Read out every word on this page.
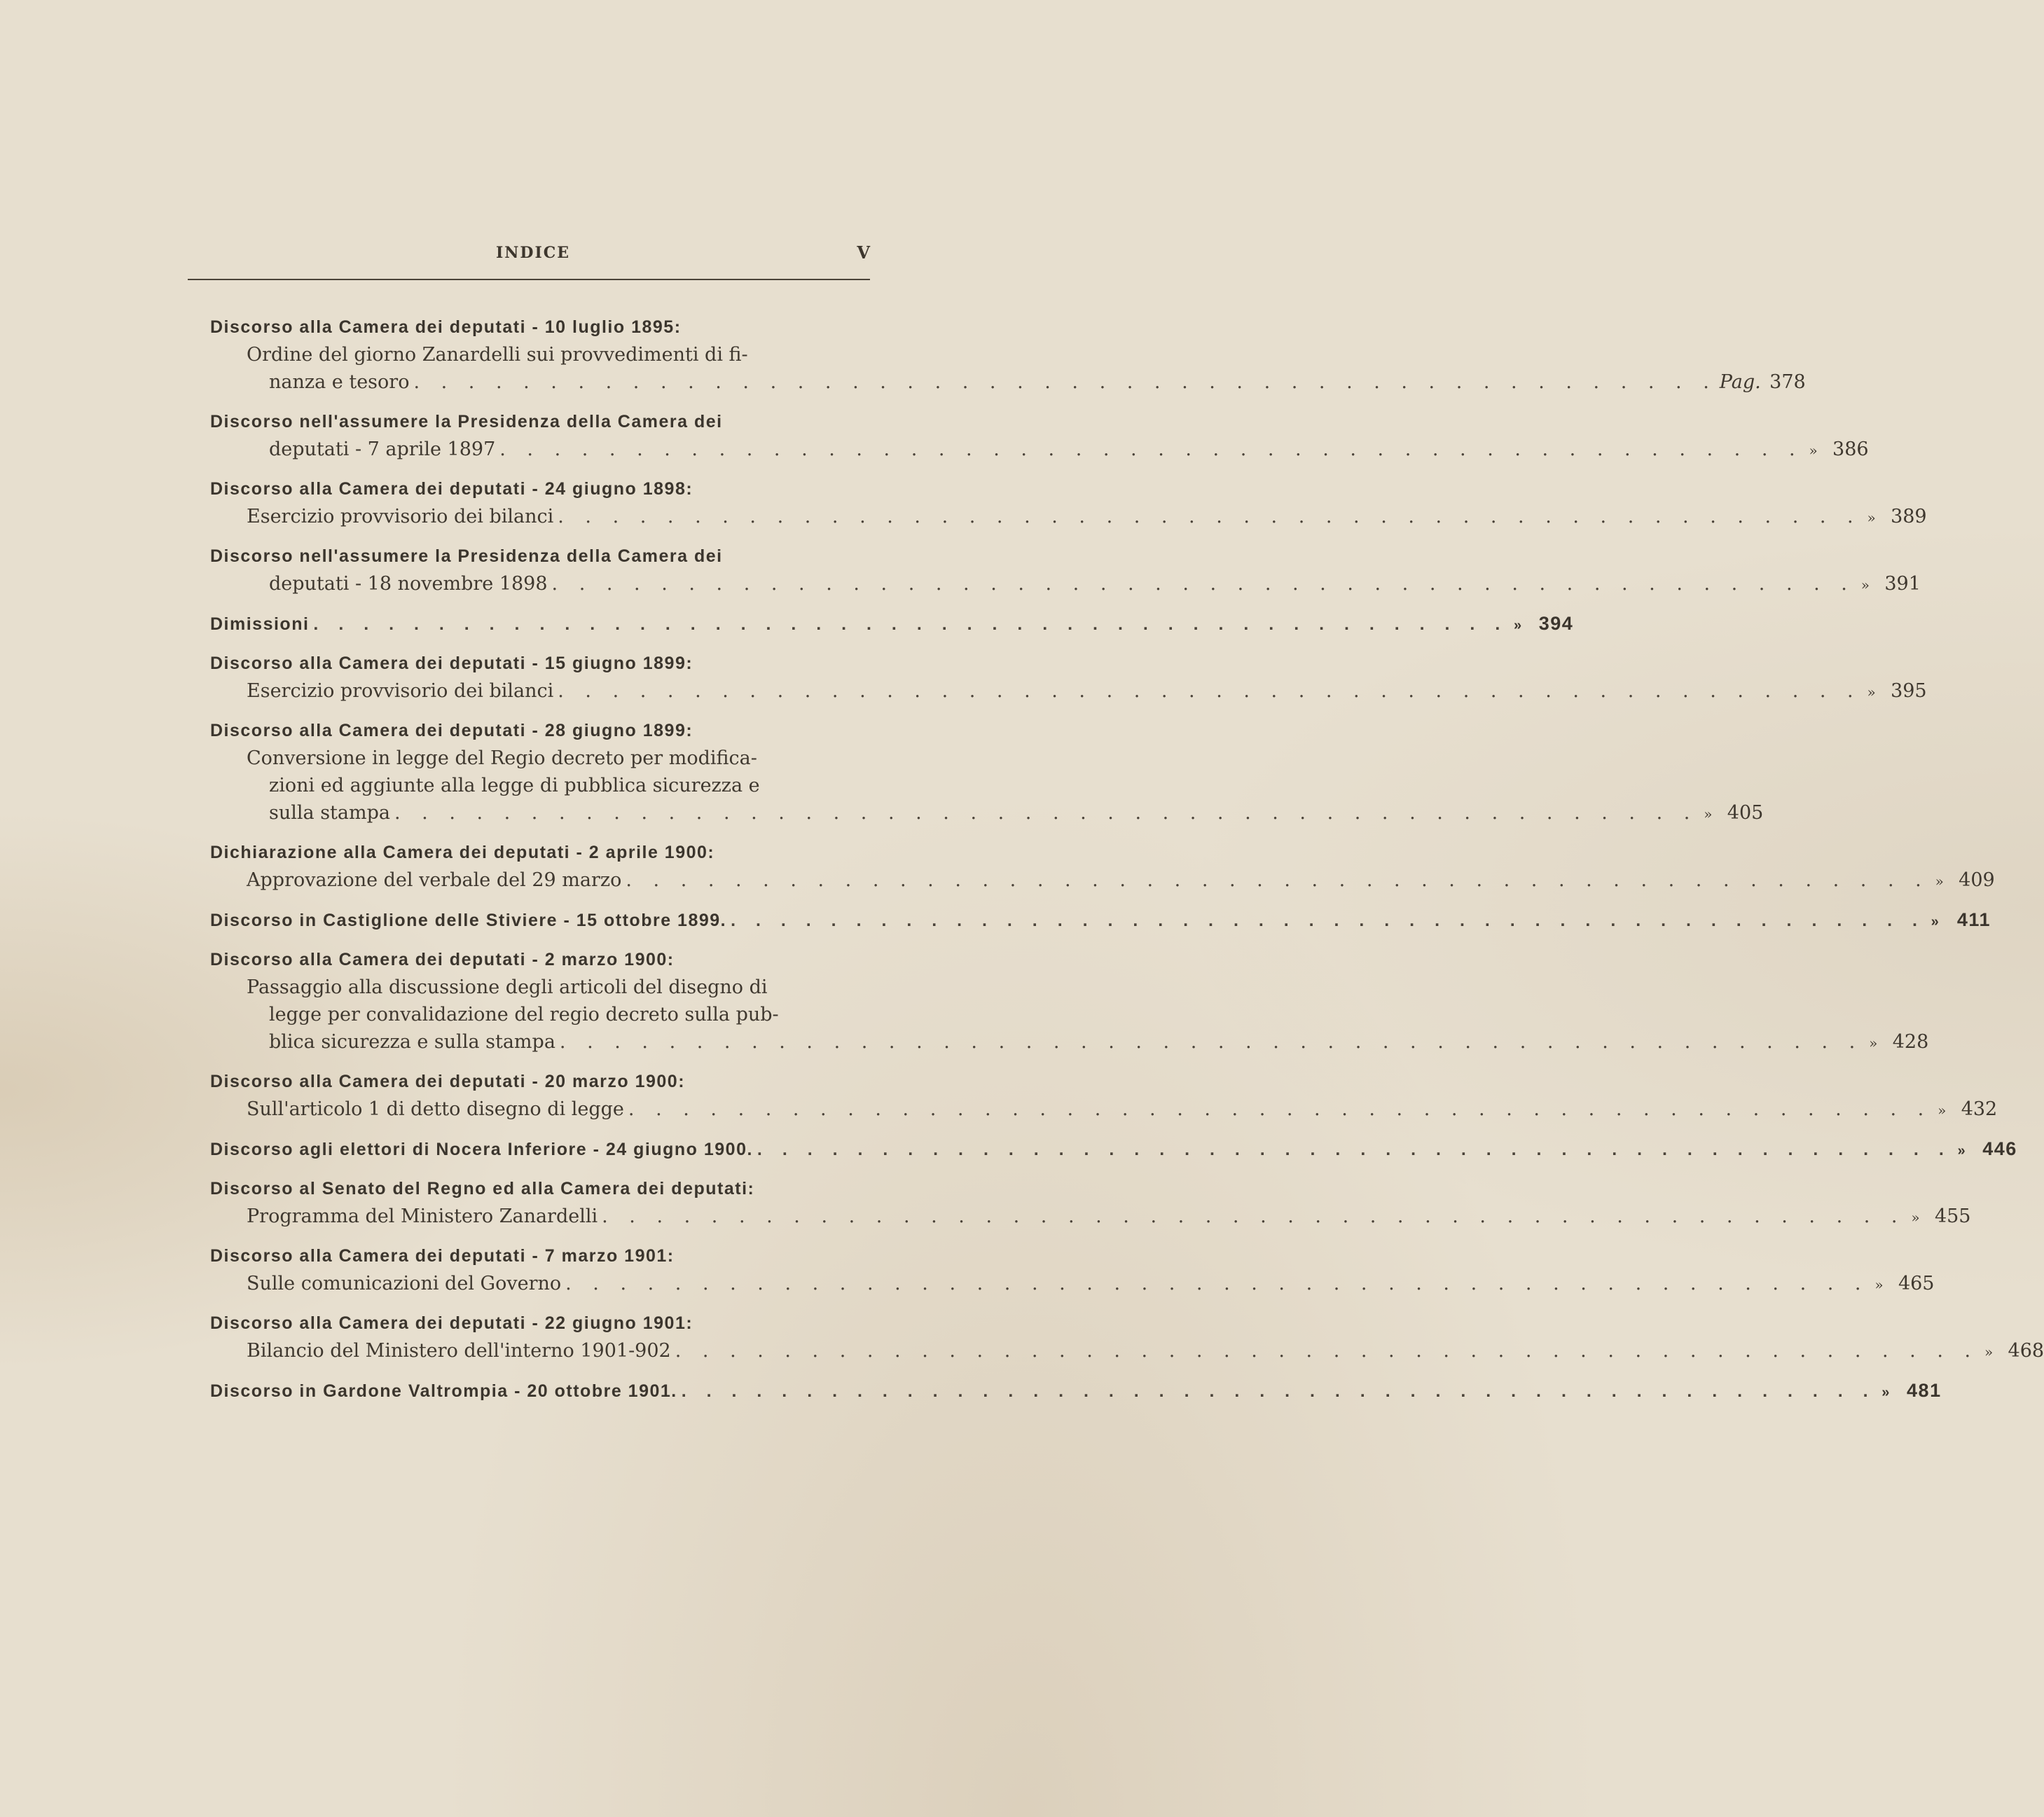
INDICE	V
Discorso alla Camera dei deputati - 10 luglio 1895:
Ordine del giorno Zanardelli sui provvedimenti di fi-
nanza e tesoro . . . . . . . . . . . . . . . . . . . . . . . . . . . . . . . . . . . . . . . . . . . . . . . . Pag. 378
Discorso nell'assumere la Presidenza della Camera dei
deputati - 7 aprile 1897 . . . . . . . . . . . . . . . . . . . . . . . . . . . . . . . . . . . . . . . . . . . . . . . . » 386
Discorso alla Camera dei deputati - 24 giugno 1898:
Esercizio provvisorio dei bilanci . . . . . . . . . . . . . . . . . . . . . . . . . . . . . . . . . . . . . . . . . . . . . . . . » 389
Discorso nell'assumere la Presidenza della Camera dei
deputati - 18 novembre 1898 . . . . . . . . . . . . . . . . . . . . . . . . . . . . . . . . . . . . . . . . . . . . . . . . » 391
Dimissioni . . . . . . . . . . . . . . . . . . . . . . . . . . . . . . . . . . . . . . . . . . . . . . . . » 394
Discorso alla Camera dei deputati - 15 giugno 1899:
Esercizio provvisorio dei bilanci . . . . . . . . . . . . . . . . . . . . . . . . . . . . . . . . . . . . . . . . . . . . . . . . » 395
Discorso alla Camera dei deputati - 28 giugno 1899:
Conversione in legge del Regio decreto per modifica-
zioni ed aggiunte alla legge di pubblica sicurezza e
sulla stampa . . . . . . . . . . . . . . . . . . . . . . . . . . . . . . . . . . . . . . . . . . . . . . . . » 405
Dichiarazione alla Camera dei deputati - 2 aprile 1900:
Approvazione del verbale del 29 marzo . . . . . . . . . . . . . . . . . . . . . . . . . . . . . . . . . . . . . . . . . . . . . . . . » 409
Discorso in Castiglione delle Stiviere - 15 ottobre 1899. . . . . . . . . . . . . . . . . . . . . . . . . . . . . . . . . . . . . . . . . . . . . . . . . » 411
Discorso alla Camera dei deputati - 2 marzo 1900:
Passaggio alla discussione degli articoli del disegno di
legge per convalidazione del regio decreto sulla pub-
blica sicurezza e sulla stampa . . . . . . . . . . . . . . . . . . . . . . . . . . . . . . . . . . . . . . . . . . . . . . . . » 428
Discorso alla Camera dei deputati - 20 marzo 1900:
Sull'articolo 1 di detto disegno di legge . . . . . . . . . . . . . . . . . . . . . . . . . . . . . . . . . . . . . . . . . . . . . . . . » 432
Discorso agli elettori di Nocera Inferiore - 24 giugno 1900. . . . . . . . . . . . . . . . . . . . . . . . . . . . . . . . . . . . . . . . . . . . . . . . . » 446
Discorso al Senato del Regno ed alla Camera dei deputati:
Programma del Ministero Zanardelli . . . . . . . . . . . . . . . . . . . . . . . . . . . . . . . . . . . . . . . . . . . . . . . . » 455
Discorso alla Camera dei deputati - 7 marzo 1901:
Sulle comunicazioni del Governo . . . . . . . . . . . . . . . . . . . . . . . . . . . . . . . . . . . . . . . . . . . . . . . . » 465
Discorso alla Camera dei deputati - 22 giugno 1901:
Bilancio del Ministero dell'interno 1901-902 . . . . . . . . . . . . . . . . . . . . . . . . . . . . . . . . . . . . . . . . . . . . . . . . » 468
Discorso in Gardone Valtrompia - 20 ottobre 1901. . . . . . . . . . . . . . . . . . . . . . . . . . . . . . . . . . . . . . . . . . . . . . . . . » 481
